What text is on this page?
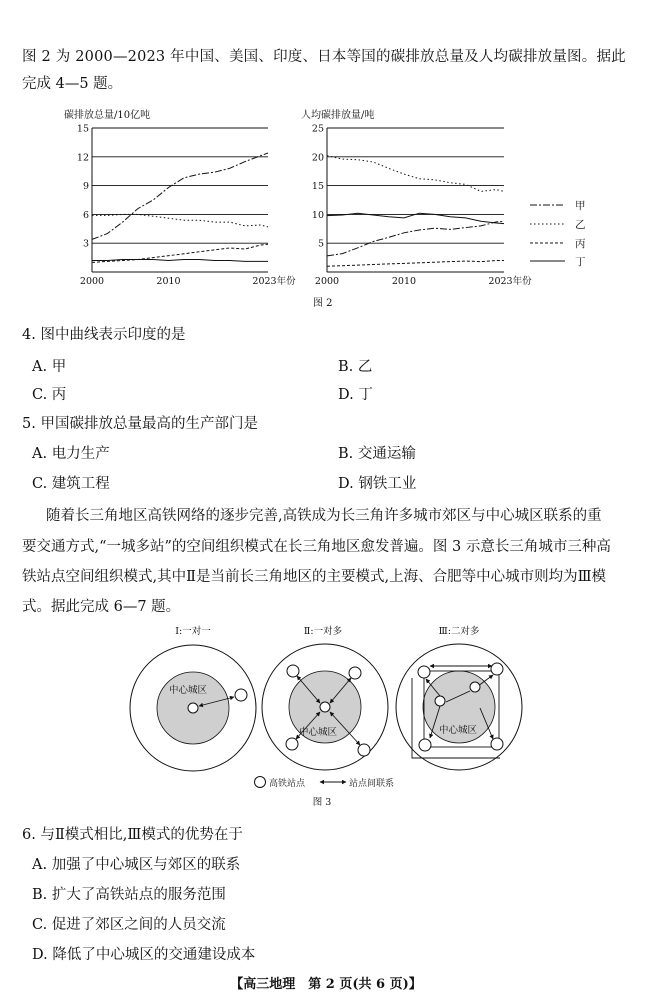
图 2 为 2000—2023 年中国、美国、印度、日本等国的碳排放总量及人均碳排放量图。据此
完成 4—5 题。
碳排放总量/10亿吨
15
12
9
6
3
2000	2010	2023年份
人均碳排放量/吨
25
20
15
10
5
2000	2010	2023年份
甲
乙
丙
丁
图 2
4. 图中曲线表示印度的是
A. 甲	B. 乙
C. 丙	D. 丁
5. 甲国碳排放总量最高的生产部门是
A. 电力生产	B. 交通运输
C. 建筑工程	D. 钢铁工业
随着长三角地区高铁网络的逐步完善,高铁成为长三角许多城市郊区与中心城区联系的重
要交通方式,“一城多站”的空间组织模式在长三角地区愈发普遍。图 3 示意长三角城市三种高
铁站点空间组织模式,其中Ⅱ是当前长三角地区的主要模式,上海、合肥等中心城市则均为Ⅲ模
式。据此完成 6—7 题。
Ⅰ:一对一	Ⅱ:一对多	Ⅲ:二对多
中心城区
中心城区	中心城区
高铁站点	站点间联系
图 3
6. 与Ⅱ模式相比,Ⅲ模式的优势在于
A. 加强了中心城区与郊区的联系
B. 扩大了高铁站点的服务范围
C. 促进了郊区之间的人员交流
D. 降低了中心城区的交通建设成本
【高三地理　第 2 页(共 6 页)】
